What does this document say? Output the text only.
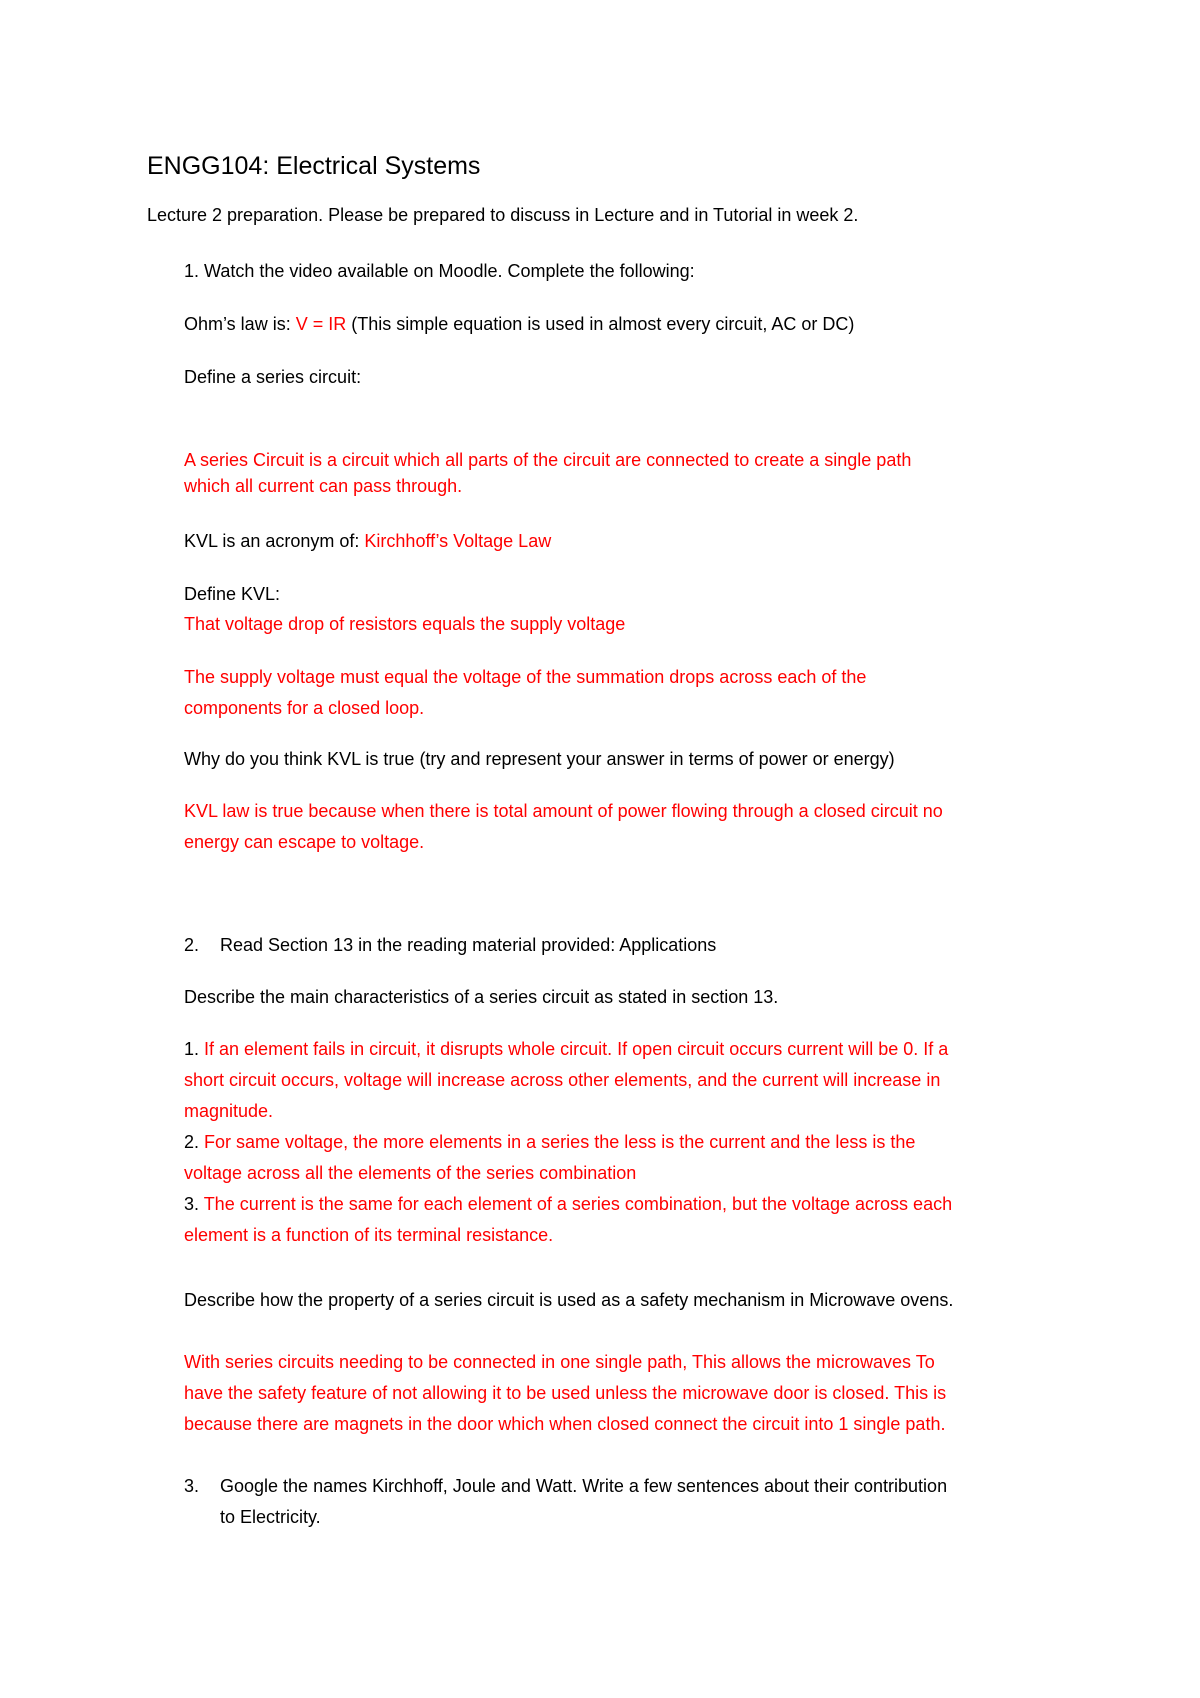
ENGG104: Electrical Systems
Lecture 2 preparation. Please be prepared to discuss in Lecture and in Tutorial in week 2.
1. Watch the video available on Moodle. Complete the following:
Ohm’s law is: V = IR (This simple equation is used in almost every circuit, AC or DC)
Define a series circuit:
A series Circuit is a circuit which all parts of the circuit are connected to create a single path
which all current can pass through.
KVL is an acronym of: Kirchhoff’s Voltage Law
Define KVL:
That voltage drop of resistors equals the supply voltage
The supply voltage must equal the voltage of the summation drops across each of the
components for a closed loop.
Why do you think KVL is true (try and represent your answer in terms of power or energy)
KVL law is true because when there is total amount of power flowing through a closed circuit no
energy can escape to voltage.
2. Read Section 13 in the reading material provided: Applications
Describe the main characteristics of a series circuit as stated in section 13.
1. If an element fails in circuit, it disrupts whole circuit. If open circuit occurs current will be 0. If a
short circuit occurs, voltage will increase across other elements, and the current will increase in
magnitude.
2. For same voltage, the more elements in a series the less is the current and the less is the
voltage across all the elements of the series combination
3. The current is the same for each element of a series combination, but the voltage across each
element is a function of its terminal resistance.
Describe how the property of a series circuit is used as a safety mechanism in Microwave ovens.
With series circuits needing to be connected in one single path, This allows the microwaves To
have the safety feature of not allowing it to be used unless the microwave door is closed. This is
because there are magnets in the door which when closed connect the circuit into 1 single path.
3. Google the names Kirchhoff, Joule and Watt. Write a few sentences about their contribution
to Electricity.
